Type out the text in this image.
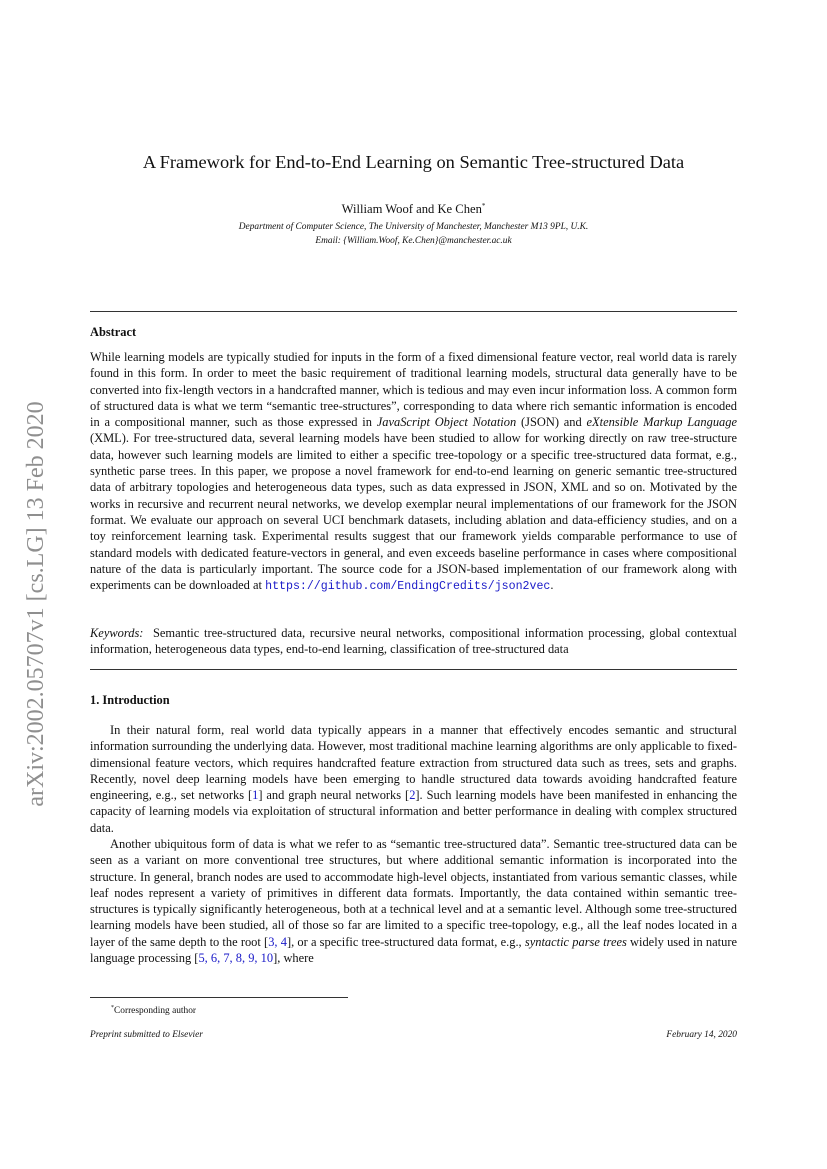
arXiv:2002.05707v1 [cs.LG] 13 Feb 2020
A Framework for End-to-End Learning on Semantic Tree-structured Data
William Woof and Ke Chen*
Department of Computer Science, The University of Manchester, Manchester M13 9PL, U.K.
Email: {William.Woof, Ke.Chen}@manchester.ac.uk
Abstract

While learning models are typically studied for inputs in the form of a fixed dimensional feature vector, real world data is rarely found in this form. In order to meet the basic requirement of traditional learning models, structural data generally have to be converted into fix-length vectors in a handcrafted manner, which is tedious and may even incur information loss. A common form of structured data is what we term “semantic tree-structures”, corresponding to data where rich semantic information is encoded in a compositional manner, such as those expressed in JavaScript Object Notation (JSON) and eXtensible Markup Language (XML). For tree-structured data, several learning models have been studied to allow for working directly on raw tree-structure data, however such learning models are limited to either a specific tree-topology or a specific tree-structured data format, e.g., synthetic parse trees. In this paper, we propose a novel framework for end-to-end learning on generic semantic tree-structured data of arbitrary topologies and heterogeneous data types, such as data expressed in JSON, XML and so on. Motivated by the works in recursive and recurrent neural networks, we develop exemplar neural implementations of our framework for the JSON format. We evaluate our approach on several UCI benchmark datasets, including ablation and data-efficiency studies, and on a toy reinforcement learning task. Experimental results suggest that our framework yields comparable performance to use of standard models with dedicated feature-vectors in general, and even exceeds baseline performance in cases where compositional nature of the data is particularly important. The source code for a JSON-based implementation of our framework along with experiments can be downloaded at https://github.com/EndingCredits/json2vec.

Keywords: Semantic tree-structured data, recursive neural networks, compositional information processing, global contextual information, heterogeneous data types, end-to-end learning, classification of tree-structured data

1. Introduction

In their natural form, real world data typically appears in a manner that effectively encodes semantic and structural information surrounding the underlying data. However, most traditional machine learning algorithms are only applicable to fixed-dimensional feature vectors, which requires handcrafted feature extraction from structured data such as trees, sets and graphs. Recently, novel deep learning models have been emerging to handle structured data towards avoiding handcrafted feature engineering, e.g., set networks [1] and graph neural networks [2]. Such learning models have been manifested in enhancing the capacity of learning models via exploitation of structural information and better performance in dealing with complex structured data.

Another ubiquitous form of data is what we refer to as “semantic tree-structured data”. Semantic tree-structured data can be seen as a variant on more conventional tree structures, but where additional semantic information is incorporated into the structure. In general, branch nodes are used to accommodate high-level objects, instantiated from various semantic classes, while leaf nodes represent a variety of primitives in different data formats. Importantly, the data contained within semantic tree-structures is typically significantly heterogeneous, both at a technical level and at a semantic level. Although some tree-structured learning models have been studied, all of those so far are limited to a specific tree-topology, e.g., all the leaf nodes located in a layer of the same depth to the root [3, 4], or a specific tree-structured data format, e.g., syntactic parse trees widely used in nature language processing [5, 6, 7, 8, 9, 10], where

*Corresponding author
Preprint submitted to Elsevier	February 14, 2020
